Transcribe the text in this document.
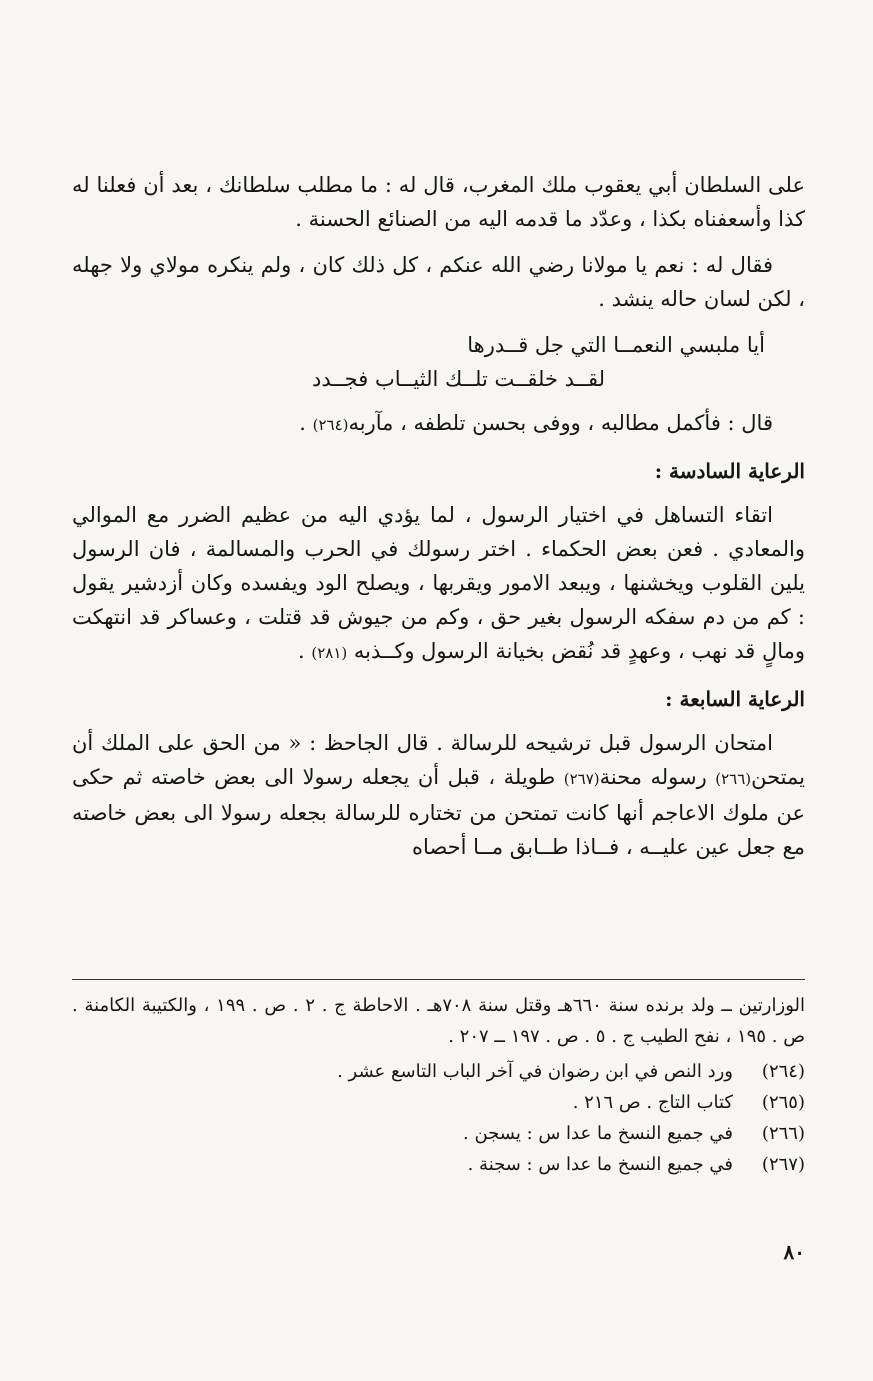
على السلطان أبي يعقوب ملك المغرب، قال له : ما مطلب سلطانك ، بعد أن فعلنا له كذا وأسعفناه بكذا ، وعدّد ما قدمه اليه من الصنائع الحسنة .

فقال له : نعم يا مولانا رضي الله عنكم ، كل ذلك كان ، ولم ينكره مولاي ولا جهله ، لكن لسان حاله ينشد .

أيا ملبسي النعمــا التي جل قــدرها
لقــد خلقــت تلــك الثيــاب فجــدد

قال : فأكمل مطالبه ، ووفى بحسن تلطفه ، مآربه(٢٦٤) .

الرعاية السادسة :

اتقاء التساهل في اختيار الرسول ، لما يؤدي اليه من عظيم الضرر مع الموالي والمعادي . فعن بعض الحكماء . اختر رسولك في الحرب والمسالمة ، فان الرسول يلين القلوب ويخشنها ، ويبعد الامور ويقربها ، ويصلح الود ويفسده وكان أزدشير يقول : كم من دم سفكه الرسول بغير حق ، وكم من جيوش قد قتلت ، وعساكر قد انتهكت ومالٍ قد نهب ، وعهدٍ قد نُقض بخيانة الرسول وكــذبه (٢٨١) .

الرعاية السابعة :

امتحان الرسول قبل ترشيحه للرسالة . قال الجاحظ : « من الحق على الملك أن يمتحن(٢٦٦) رسوله محنة(٢٦٧) طويلة ، قبل أن يجعله رسولا الى بعض خاصته ثم حكى عن ملوك الاعاجم أنها كانت تمتحن من تختاره للرسالة بجعله رسولا الى بعض خاصته مع جعل عين عليــه ، فــاذا طــابق مــا أحصاه

الوزارتين ــ ولد برنده سنة ٦٦٠هـ وقتل سنة ٧٠٨هـ . الاحاطة ج . ٢ . ص . ١٩٩ ، والكتيبة الكامنة . ص . ١٩٥ ، نفح الطيب ج . ٥ . ص . ١٩٧ ــ ٢٠٧ .

(٢٦٤)
ورد النص في ابن رضوان في آخر الباب التاسع عشر .
(٢٦٥)
كتاب التاج . ص ٢١٦ .
(٢٦٦)
في جميع النسخ ما عدا س : يسجن .
(٢٦٧)
في جميع النسخ ما عدا س : سجنة .
٨٠
